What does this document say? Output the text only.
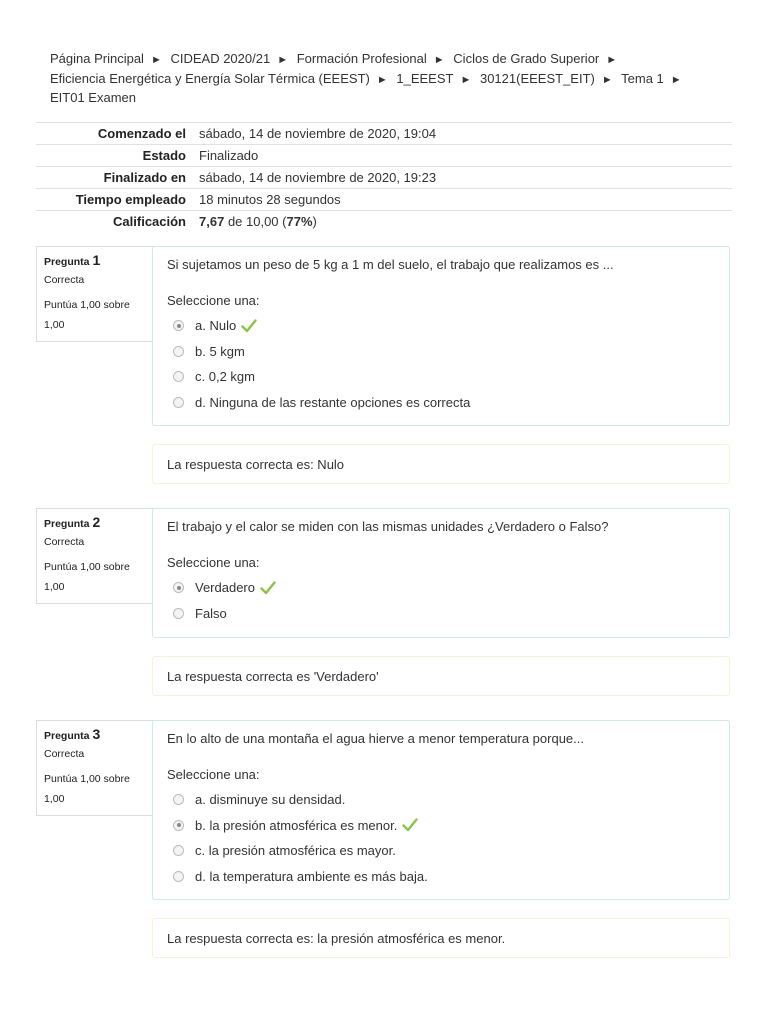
Página Principal ► CIDEAD 2020/21 ► Formación Profesional ► Ciclos de Grado Superior ►
Eficiencia Energética y Energía Solar Térmica (EEEST) ► 1_EEEST ► 30121(EEEST_EIT) ► Tema 1 ►
EIT01 Examen
Comenzado el	sábado, 14 de noviembre de 2020, 19:04
Estado	Finalizado
Finalizado en	sábado, 14 de noviembre de 2020, 19:23
Tiempo empleado	18 minutos 28 segundos
Calificación	7,67 de 10,00 (77%)
Pregunta 1
Correcta
Puntúa 1,00 sobre 1,00
Si sujetamos un peso de 5 kg a 1 m del suelo, el trabajo que realizamos es ...
Seleccione una:
a. Nulo
b. 5 kgm
c. 0,2 kgm
d. Ninguna de las restante opciones es correcta
La respuesta correcta es: Nulo
Pregunta 2
Correcta
Puntúa 1,00 sobre 1,00
El trabajo y el calor se miden con las mismas unidades ¿Verdadero o Falso?
Seleccione una:
Verdadero
Falso
La respuesta correcta es 'Verdadero'
Pregunta 3
Correcta
Puntúa 1,00 sobre 1,00
En lo alto de una montaña el agua hierve a menor temperatura porque...
Seleccione una:
a. disminuye su densidad.
b. la presión atmosférica es menor.
c. la presión atmosférica es mayor.
d. la temperatura ambiente es más baja.
La respuesta correcta es: la presión atmosférica es menor.
